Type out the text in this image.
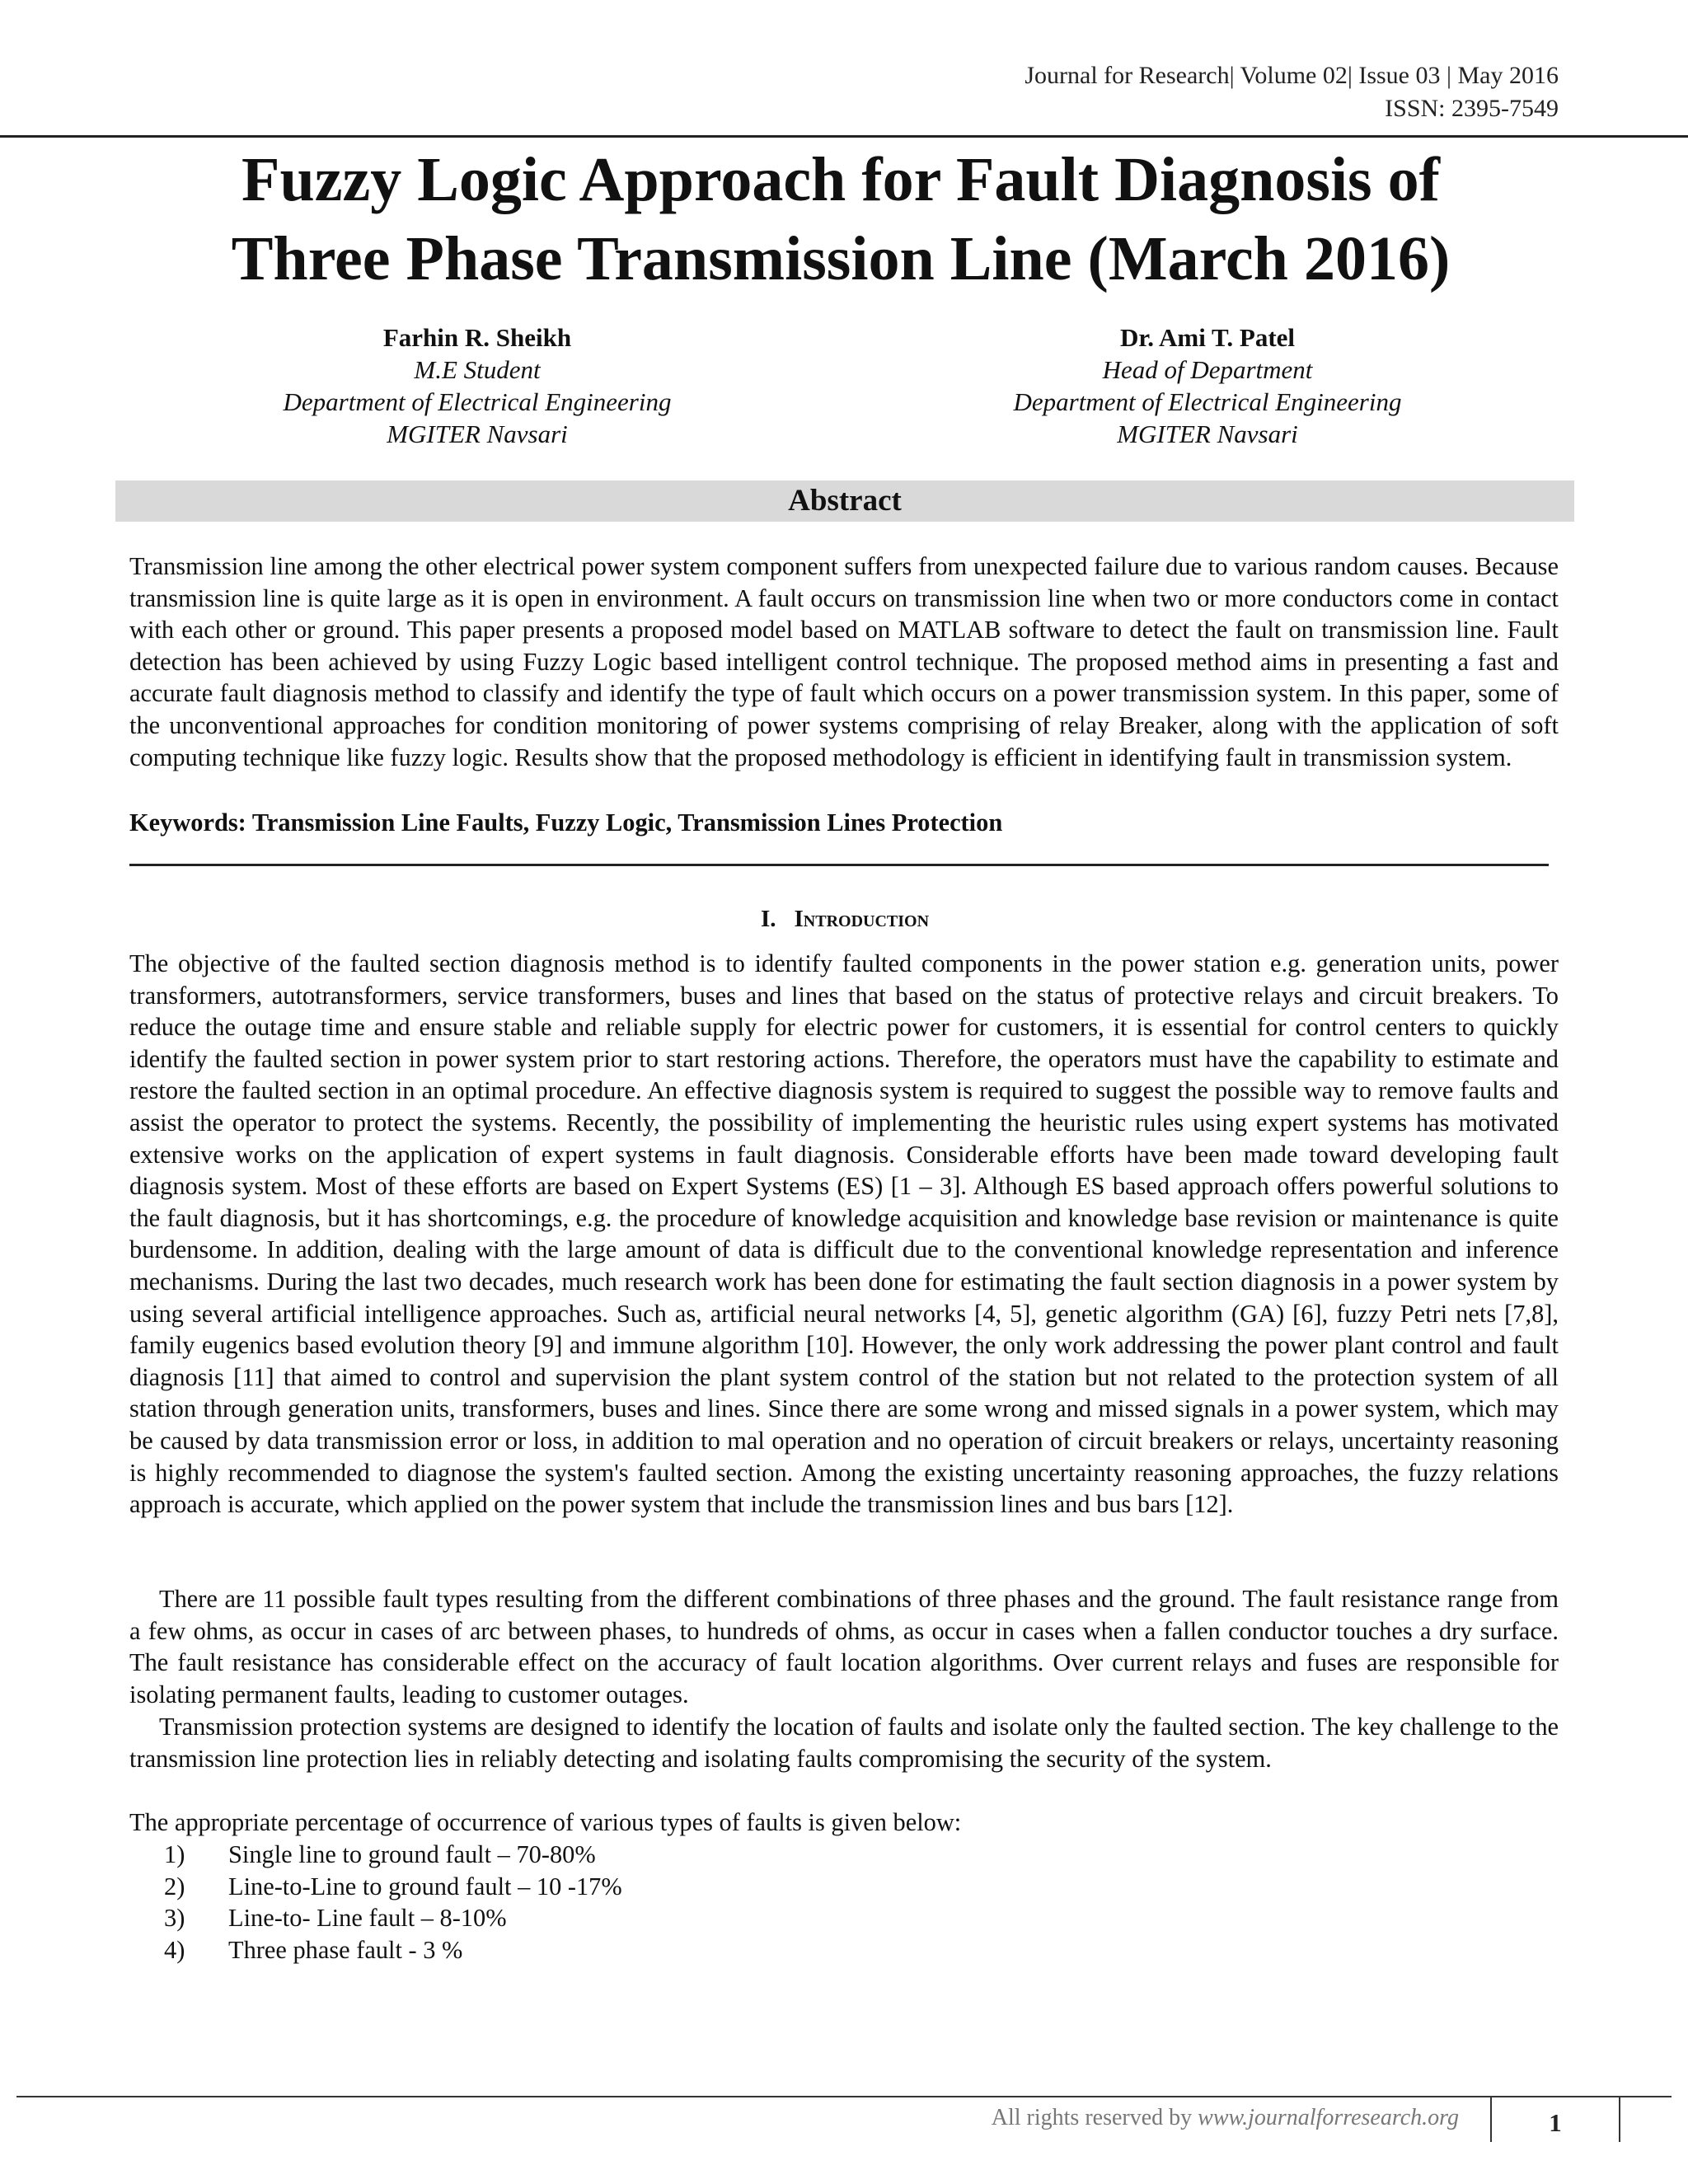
Journal for Research| Volume 02| Issue 03 | May 2016
ISSN: 2395-7549
Fuzzy Logic Approach for Fault Diagnosis of
Three Phase Transmission Line (March 2016)
Farhin R. Sheikh
M.E Student
Department of Electrical Engineering
MGITER Navsari
Dr. Ami T. Patel
Head of Department
Department of Electrical Engineering
MGITER Navsari
Abstract

Transmission line among the other electrical power system component suffers from unexpected failure due to various random causes. Because transmission line is quite large as it is open in environment. A fault occurs on transmission line when two or more conductors come in contact with each other or ground. This paper presents a proposed model based on MATLAB software to detect the fault on transmission line. Fault detection has been achieved by using Fuzzy Logic based intelligent control technique. The proposed method aims in presenting a fast and accurate fault diagnosis method to classify and identify the type of fault which occurs on a power transmission system. In this paper, some of the unconventional approaches for condition monitoring of power systems comprising of relay Breaker, along with the application of soft computing technique like fuzzy logic. Results show that the proposed methodology is efficient in identifying fault in transmission system.

Keywords: Transmission Line Faults, Fuzzy Logic, Transmission Lines Protection
I. Introduction

The objective of the faulted section diagnosis method is to identify faulted components in the power station e.g. generation units, power transformers, autotransformers, service transformers, buses and lines that based on the status of protective relays and circuit breakers. To reduce the outage time and ensure stable and reliable supply for electric power for customers, it is essential for control centers to quickly identify the faulted section in power system prior to start restoring actions. Therefore, the operators must have the capability to estimate and restore the faulted section in an optimal procedure. An effective diagnosis system is required to suggest the possible way to remove faults and assist the operator to protect the systems. Recently, the possibility of implementing the heuristic rules using expert systems has motivated extensive works on the application of expert systems in fault diagnosis. Considerable efforts have been made toward developing fault diagnosis system. Most of these efforts are based on Expert Systems (ES) [1 – 3]. Although ES based approach offers powerful solutions to the fault diagnosis, but it has shortcomings, e.g. the procedure of knowledge acquisition and knowledge base revision or maintenance is quite burdensome. In addition, dealing with the large amount of data is difficult due to the conventional knowledge representation and inference mechanisms. During the last two decades, much research work has been done for estimating the fault section diagnosis in a power system by using several artificial intelligence approaches. Such as, artificial neural networks [4, 5], genetic algorithm (GA) [6], fuzzy Petri nets [7,8], family eugenics based evolution theory [9] and immune algorithm [10]. However, the only work addressing the power plant control and fault diagnosis [11] that aimed to control and supervision the plant system control of the station but not related to the protection system of all station through generation units, transformers, buses and lines. Since there are some wrong and missed signals in a power system, which may be caused by data transmission error or loss, in addition to mal operation and no operation of circuit breakers or relays, uncertainty reasoning is highly recommended to diagnose the system's faulted section. Among the existing uncertainty reasoning approaches, the fuzzy relations approach is accurate, which applied on the power system that include the transmission lines and bus bars [12].

There are 11 possible fault types resulting from the different combinations of three phases and the ground. The fault resistance range from a few ohms, as occur in cases of arc between phases, to hundreds of ohms, as occur in cases when a fallen conductor touches a dry surface. The fault resistance has considerable effect on the accuracy of fault location algorithms. Over current relays and fuses are responsible for isolating permanent faults, leading to customer outages.

Transmission protection systems are designed to identify the location of faults and isolate only the faulted section. The key challenge to the transmission line protection lies in reliably detecting and isolating faults compromising the security of the system.

The appropriate percentage of occurrence of various types of faults is given below:

1) Single line to ground fault – 70-80%
2) Line-to-Line to ground fault – 10 -17%
3) Line-to- Line fault – 8-10%
4) Three phase fault - 3 %
All rights reserved by www.journalforresearch.org	1
